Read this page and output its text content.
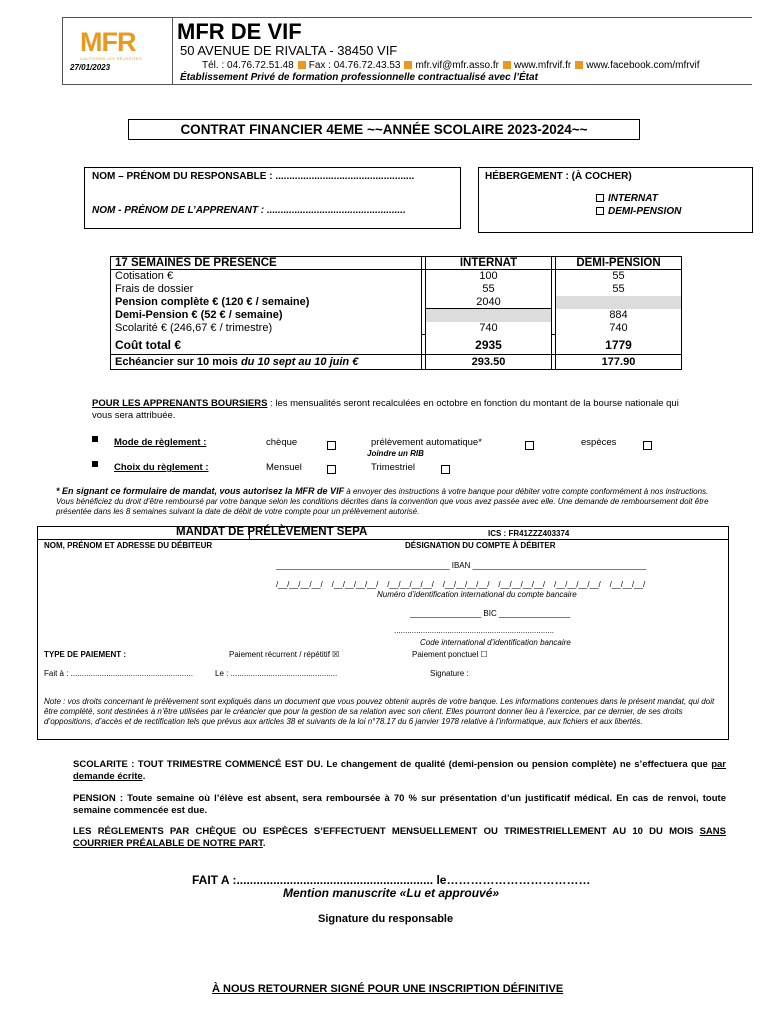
MFR
CULTIVONS LES RÉUSSITES
27/01/2023
MFR DE VIF
50 AVENUE DE RIVALTA - 38450 VIF
Tél. : 04.76.72.51.48 Fax : 04.76.72.43.53 mfr.vif@mfr.asso.fr www.mfrvif.fr www.facebook.com/mfrvif
Établissement Privé de formation professionnelle contractualisé avec l’État
CONTRAT FINANCIER 4EME ~~ANNÉE SCOLAIRE 2023-2024~~
NOM – PRÉNOM DU RESPONSABLE : ..................................................
NOM - PRÉNOM DE L’APPRENANT : ..................................................
HÉBERGEMENT : (À COCHER)
INTERNAT
DEMI-PENSION
17 SEMAINES DE PRESENCE		INTERNAT		DEMI-PENSION
Cotisation €		100		55
Frais de dossier		55		55
Pension complète € (120 € / semaine)		2040		
Demi-Pension € (52 € / semaine)				884
Scolarité € (246,67 € / trimestre)		740		740
Coût total €		2935		1779
Echéancier sur 10 mois du 10 sept au 10 juin €		293.50		177.90
POUR LES APPRENANTS BOURSIERS : les mensualités seront recalculées en octobre en fonction du montant de la bourse nationale qui vous sera attribuée.
Mode de règlement :	chèque	prélèvement automatique*	espèces
Joindre un RIB
Choix du règlement :	Mensuel	Trimestriel
* En signant ce formulaire de mandat, vous autorisez la MFR de VIF à envoyer des instructions à votre banque pour débiter votre compte conformément à nos instructions. Vous bénéficiez du droit d’être remboursé par votre banque selon les conditions décrites dans la convention que vous avez passée avec elle. Une demande de remboursement doit être présentée dans les 8 semaines suivant la date de débit de votre compte pour un prélèvement autorisé.
MANDAT DE PRÉLÈVEMENT SEPA	ICS : FR41ZZZ403374
NOM, PRÉNOM ET ADRESSE DU DÉBITEUR	DÉSIGNATION DU COMPTE À DÉBITER
_______________________________________ IBAN _______________________________________
/__/__/__/__/    /__/__/__/__/    /__/__/__/__/    /__/__/__/__/    /__/__/__/__/    /__/__/__/__/    /__/__/__/
Numéro d’identification international du compte bancaire
________________ BIC ________________
........................................................................
Code international d’identification bancaire
TYPE DE PAIEMENT :	Paiement récurrent / répétitif ☒	Paiement ponctuel ☐
Fait à : .......................................................	Le : ................................................	Signature :
Note : vos droits concernant le prélèvement sont expliqués dans un document que vous pouvez obtenir auprès de votre banque. Les informations contenues dans le présent mandat, qui doit être complété, sont destinées à n’être utilisées par le créancier que pour la gestion de sa relation avec son client. Elles pourront donner lieu à l’exercice, par ce dernier, de ses droits d’oppositions, d’accès et de rectification tels que prévus aux articles 38 et suivants de la loi n°78.17 du 6 janvier 1978 relative à l’informatique, aux fichiers et aux libertés.
SCOLARITE : TOUT TRIMESTRE COMMENCÉ EST DU. Le changement de qualité (demi-pension ou pension complète) ne s’effectuera que par demande écrite.
PENSION : Toute semaine où l’élève est absent, sera remboursée à 70 % sur présentation d’un justificatif médical. En cas de renvoi, toute semaine commencée est due.
LES RÉGLEMENTS PAR CHÈQUE OU ESPÈCES S’EFFECTUENT MENSUELLEMENT OU TRIMESTRIELLEMENT AU 10 DU MOIS SANS COURRIER PRÉALABLE DE NOTRE PART.
FAIT A :........................................................... le………………………………
Mention manuscrite «Lu et approuvé»
Signature du responsable
À NOUS RETOURNER SIGNÉ POUR UNE INSCRIPTION DÉFINITIVE
